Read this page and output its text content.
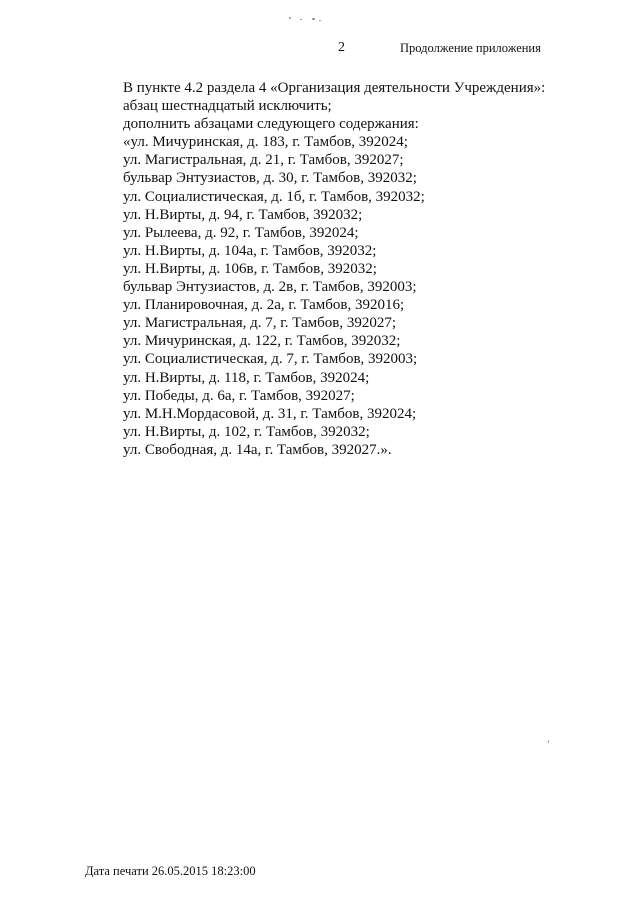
2	Продолжение приложения
В пункте 4.2 раздела 4 «Организация деятельности Учреждения»:
абзац шестнадцатый исключить;
дополнить абзацами следующего содержания:
«ул. Мичуринская, д. 183, г. Тамбов, 392024;
ул. Магистральная, д. 21, г. Тамбов, 392027;
бульвар Энтузиастов, д. 30, г. Тамбов, 392032;
ул. Социалистическая, д. 1б, г. Тамбов, 392032;
ул. Н.Вирты, д. 94, г. Тамбов, 392032;
ул. Рылеева, д. 92, г. Тамбов, 392024;
ул. Н.Вирты, д. 104а, г. Тамбов, 392032;
ул. Н.Вирты, д. 106в, г. Тамбов, 392032;
бульвар Энтузиастов, д. 2в, г. Тамбов, 392003;
ул. Планировочная, д. 2а, г. Тамбов, 392016;
ул. Магистральная, д. 7, г. Тамбов, 392027;
ул. Мичуринская, д. 122, г. Тамбов, 392032;
ул. Социалистическая, д. 7, г. Тамбов, 392003;
ул. Н.Вирты, д. 118, г. Тамбов, 392024;
ул. Победы, д. 6а, г. Тамбов, 392027;
ул. М.Н.Мордасовой, д. 31, г. Тамбов, 392024;
ул. Н.Вирты, д. 102, г. Тамбов, 392032;
ул. Свободная, д. 14а, г. Тамбов, 392027.».
Дата печати 26.05.2015 18:23:00
